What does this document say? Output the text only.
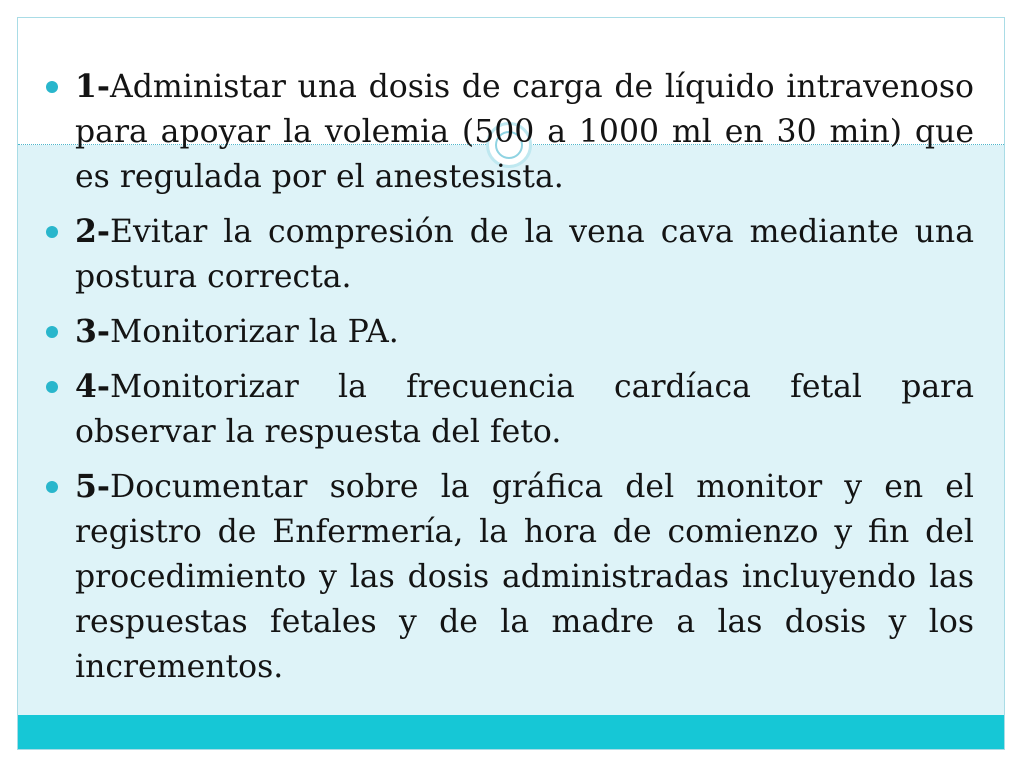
1-Administar una dosis de carga de líquido intravenoso para apoyar la volemia (500 a 1000 ml en 30 min) que es regulada por el anestesista.
2-Evitar la compresión de la vena cava mediante una postura correcta.
3-Monitorizar la PA.
4-Monitorizar la frecuencia cardíaca fetal para observar la respuesta del feto.
5-Documentar sobre la gráfica del monitor y en el registro de Enfermería, la hora de comienzo y fin del procedimiento y las dosis administradas incluyendo las respuestas fetales y de la madre a las dosis y los incrementos.
